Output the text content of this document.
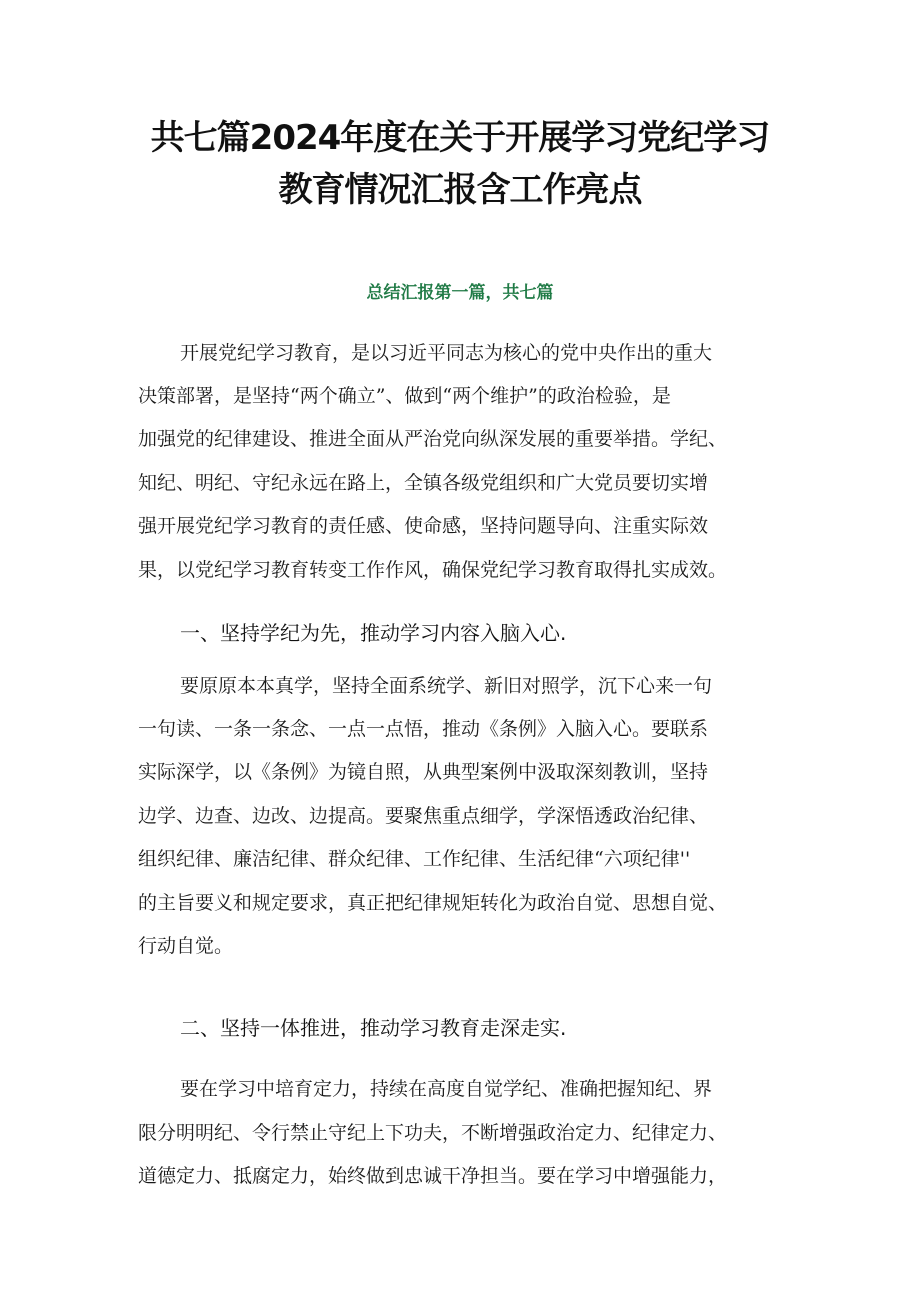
共七篇2024年度在关于开展学习党纪学习
教育情况汇报含工作亮点
总结汇报第一篇，共七篇
开展党纪学习教育，是以习近平同志为核心的党中央作出的重大
决策部署，是坚持“两个确立”、做到“两个维护”的政治检验，是
加强党的纪律建设、推进全面从严治党向纵深发展的重要举措。学纪、
知纪、明纪、守纪永远在路上，全镇各级党组织和广大党员要切实增
强开展党纪学习教育的责任感、使命感，坚持问题导向、注重实际效
果，以党纪学习教育转变工作作风，确保党纪学习教育取得扎实成效。
一、坚持学纪为先，推动学习内容入脑入心.
要原原本本真学，坚持全面系统学、新旧对照学，沉下心来一句
一句读、一条一条念、一点一点悟，推动《条例》入脑入心。要联系
实际深学，以《条例》为镜自照，从典型案例中汲取深刻教训，坚持
边学、边查、边改、边提高。要聚焦重点细学，学深悟透政治纪律、
组织纪律、廉洁纪律、群众纪律、工作纪律、生活纪律“六项纪律''
的主旨要义和规定要求，真正把纪律规矩转化为政治自觉、思想自觉、
行动自觉。
二、坚持一体推进，推动学习教育走深走实.
要在学习中培育定力，持续在高度自觉学纪、准确把握知纪、界
限分明明纪、令行禁止守纪上下功夫，不断增强政治定力、纪律定力、
道德定力、抵腐定力，始终做到忠诚干净担当。要在学习中增强能力，
